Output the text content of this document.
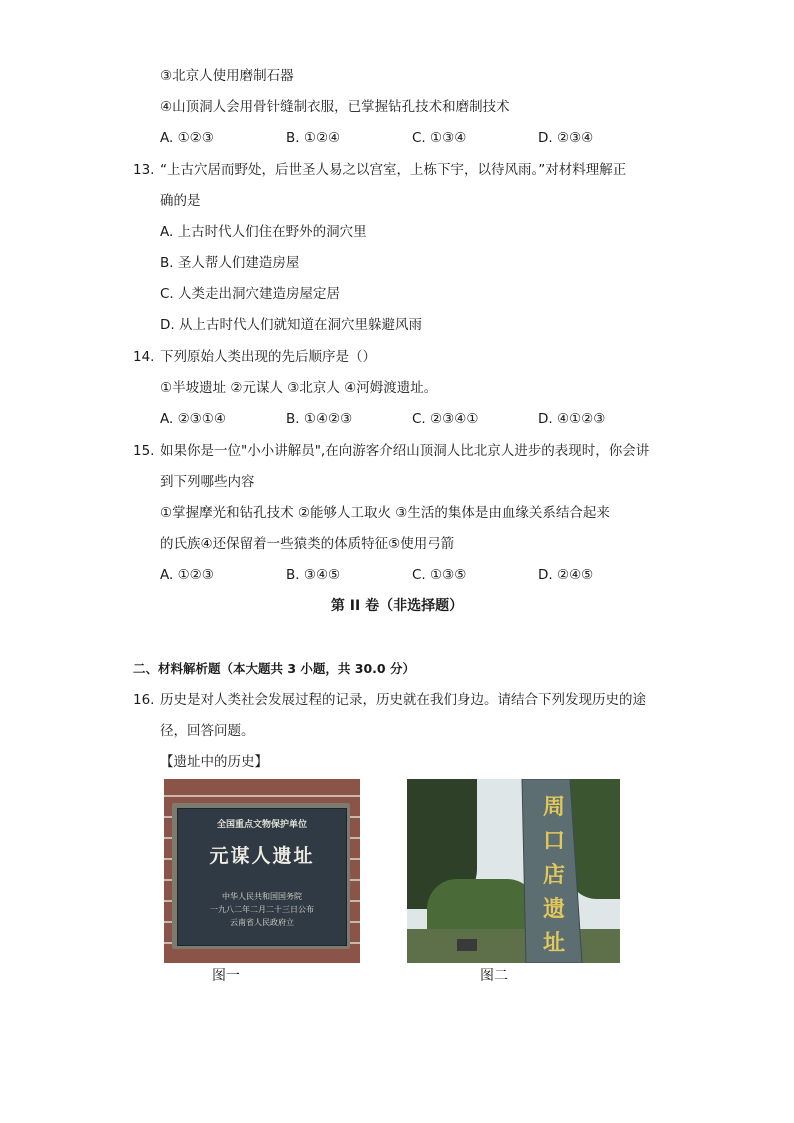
③北京人使用磨制石器
④山顶洞人会用骨针缝制衣服，已掌握钻孔技术和磨制技术
A. ①②③	B. ①②④	C. ①③④	D. ②③④
13. “上古穴居而野处，后世圣人易之以宫室，上栋下宇，以待风雨。”对材料理解正
确的是
A. 上古时代人们住在野外的洞穴里
B. 圣人帮人们建造房屋
C. 人类走出洞穴建造房屋定居
D. 从上古时代人们就知道在洞穴里躲避风雨
14. 下列原始人类出现的先后顺序是（）
①半坡遗址 ②元谋人 ③北京人 ④河姆渡遗址。
A. ②③①④	B. ①④②③	C. ②③④①	D. ④①②③
15. 如果你是一位"小小讲解员",在向游客介绍山顶洞人比北京人进步的表现时，你会讲
到下列哪些内容
①掌握摩光和钻孔技术 ②能够人工取火 ③生活的集体是由血缘关系结合起来
的氏族④还保留着一些猿类的体质特征⑤使用弓箭
A. ①②③	B. ③④⑤	C. ①③⑤	D. ②④⑤
第 II 卷（非选择题）
二、材料解析题（本大题共 3 小题，共 30.0 分）
16. 历史是对人类社会发展过程的记录，历史就在我们身边。请结合下列发现历史的途
径，回答问题。
【遗址中的历史】
全国重点文物保护单位
元谋人遗址
中华人民共和国国务院
一九八二年二月二十三日公布
云南省人民政府立
周
口
店
遗
址
图一	图二
